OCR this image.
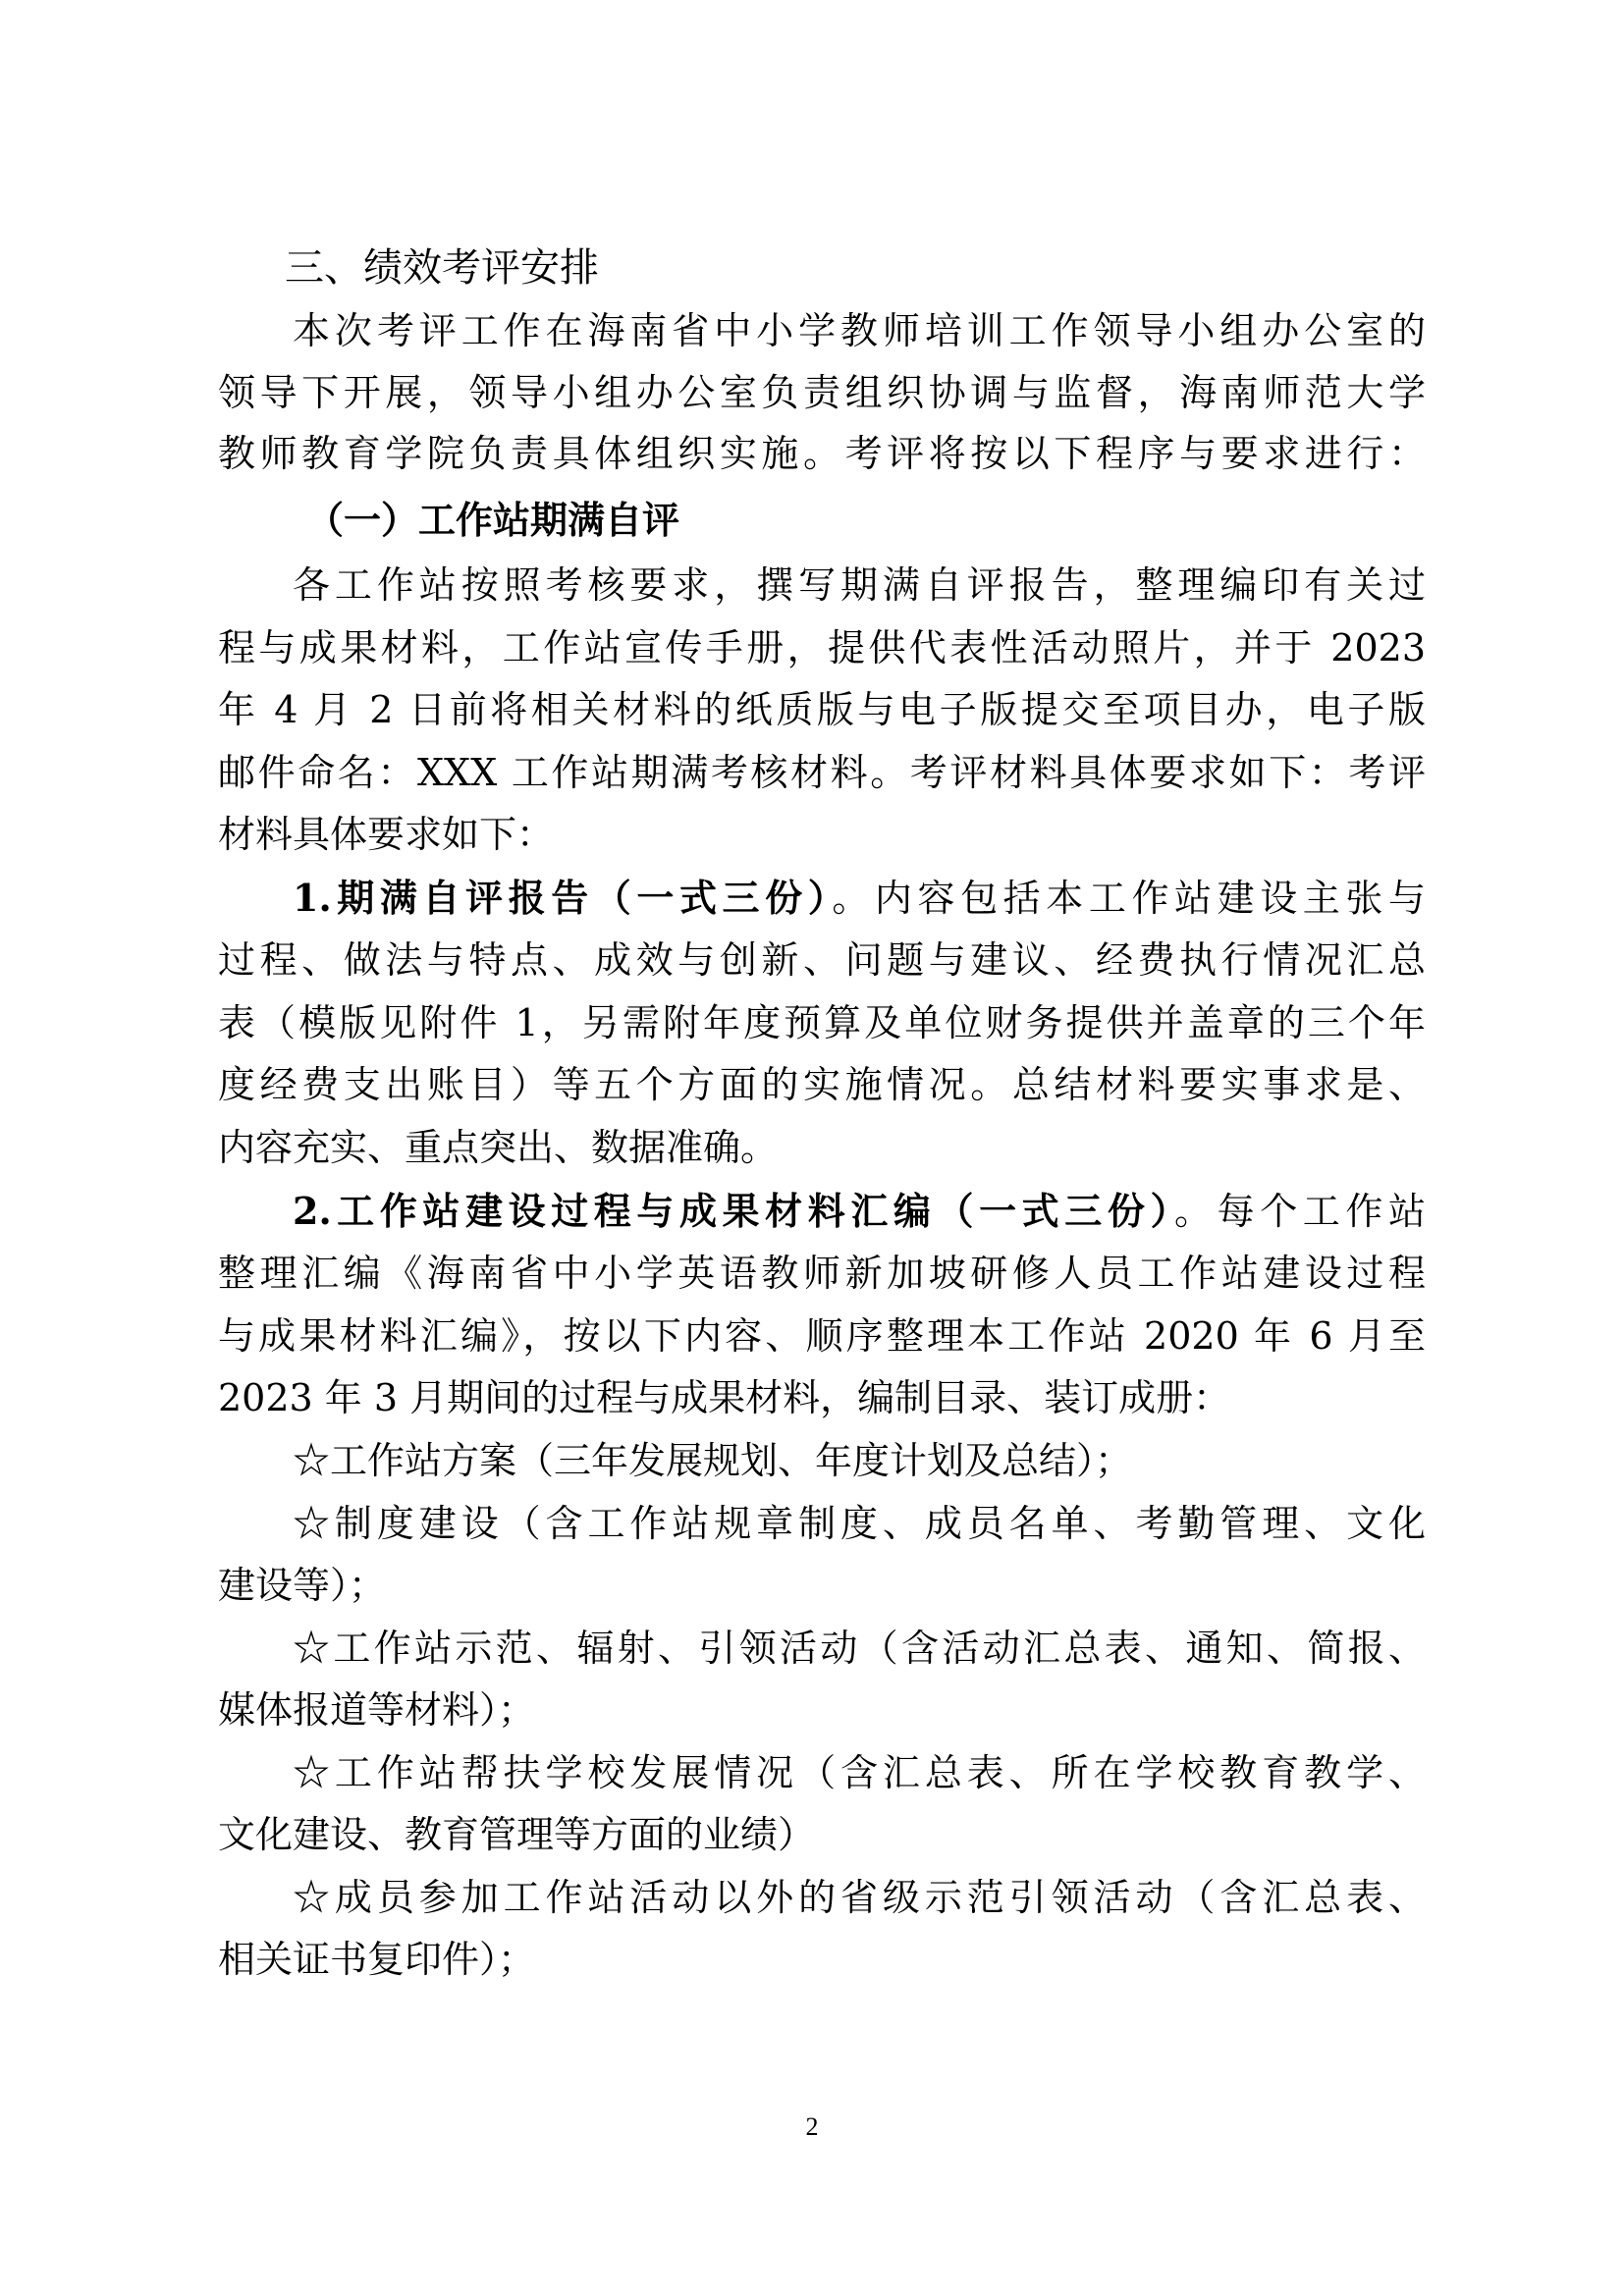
三、绩效考评安排
本次考评工作在海南省中小学教师培训工作领导小组办公室的
领导下开展，领导小组办公室负责组织协调与监督，海南师范大学
教师教育学院负责具体组织实施。考评将按以下程序与要求进行：
（一）工作站期满自评
各工作站按照考核要求，撰写期满自评报告，整理编印有关过
程与成果材料，工作站宣传手册，提供代表性活动照片，并于 2023
年 4 月 2 日前将相关材料的纸质版与电子版提交至项目办，电子版
邮件命名：XXX 工作站期满考核材料。考评材料具体要求如下：考评
材料具体要求如下：
1.期满自评报告（一式三份）。内容包括本工作站建设主张与
过程、做法与特点、成效与创新、问题与建议、经费执行情况汇总
表（模版见附件 1，另需附年度预算及单位财务提供并盖章的三个年
度经费支出账目）等五个方面的实施情况。总结材料要实事求是、
内容充实、重点突出、数据准确。
2.工作站建设过程与成果材料汇编（一式三份）。每个工作站
整理汇编《海南省中小学英语教师新加坡研修人员工作站建设过程
与成果材料汇编》，按以下内容、顺序整理本工作站 2020 年 6 月至
2023 年 3 月期间的过程与成果材料，编制目录、装订成册：
☆工作站方案（三年发展规划、年度计划及总结）；
☆制度建设（含工作站规章制度、成员名单、考勤管理、文化
建设等）；
☆工作站示范、辐射、引领活动（含活动汇总表、通知、简报、
媒体报道等材料）；
☆工作站帮扶学校发展情况（含汇总表、所在学校教育教学、
文化建设、教育管理等方面的业绩）
☆成员参加工作站活动以外的省级示范引领活动（含汇总表、
相关证书复印件）；
2
